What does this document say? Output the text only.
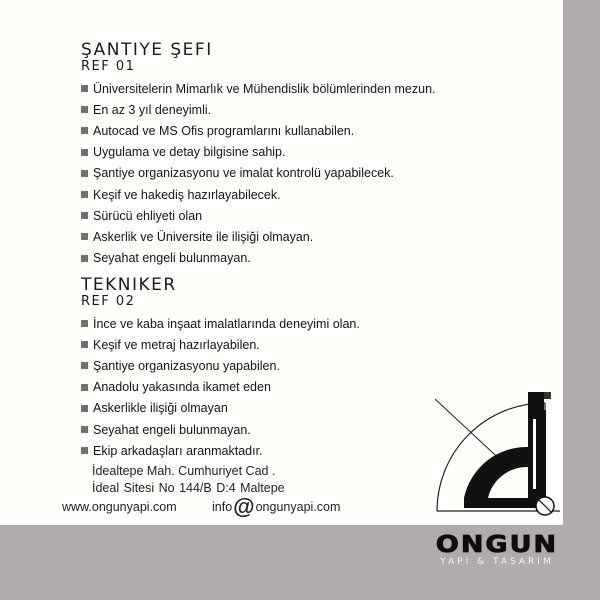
ŞANTIYE ŞEFI
REF 01
Üniversitelerin Mimarlık ve Mühendislik bölümlerinden mezun.
En az 3 yıl deneyimli.
Autocad ve MS Ofis programlarını kullanabilen.
Uygulama ve detay bilgisine sahip.
Şantiye organizasyonu ve imalat kontrolü yapabilecek.
Keşif ve hakediş hazırlayabilecek.
Sürücü ehliyeti olan
Askerlik ve Üniversite ile ilişiği olmayan.
Seyahat engeli bulunmayan.
TEKNIKER
REF 02
İnce ve kaba inşaat imalatlarında deneyimi olan.
Keşif ve metraj hazırlayabilen.
Şantiye organizasyonu yapabilen.
Anadolu yakasında ikamet eden
Askerlikle ilişiği olmayan
Seyahat engeli bulunmayan.
Ekip arkadaşları aranmaktadır.
İdealtepe Mah. Cumhuriyet Cad .
İdeal Sitesi No 144/B D:4 Maltepe
www.ongunyapi.com	info @ ongunyapi.com
ONGUN
YAPI & TASARIM
